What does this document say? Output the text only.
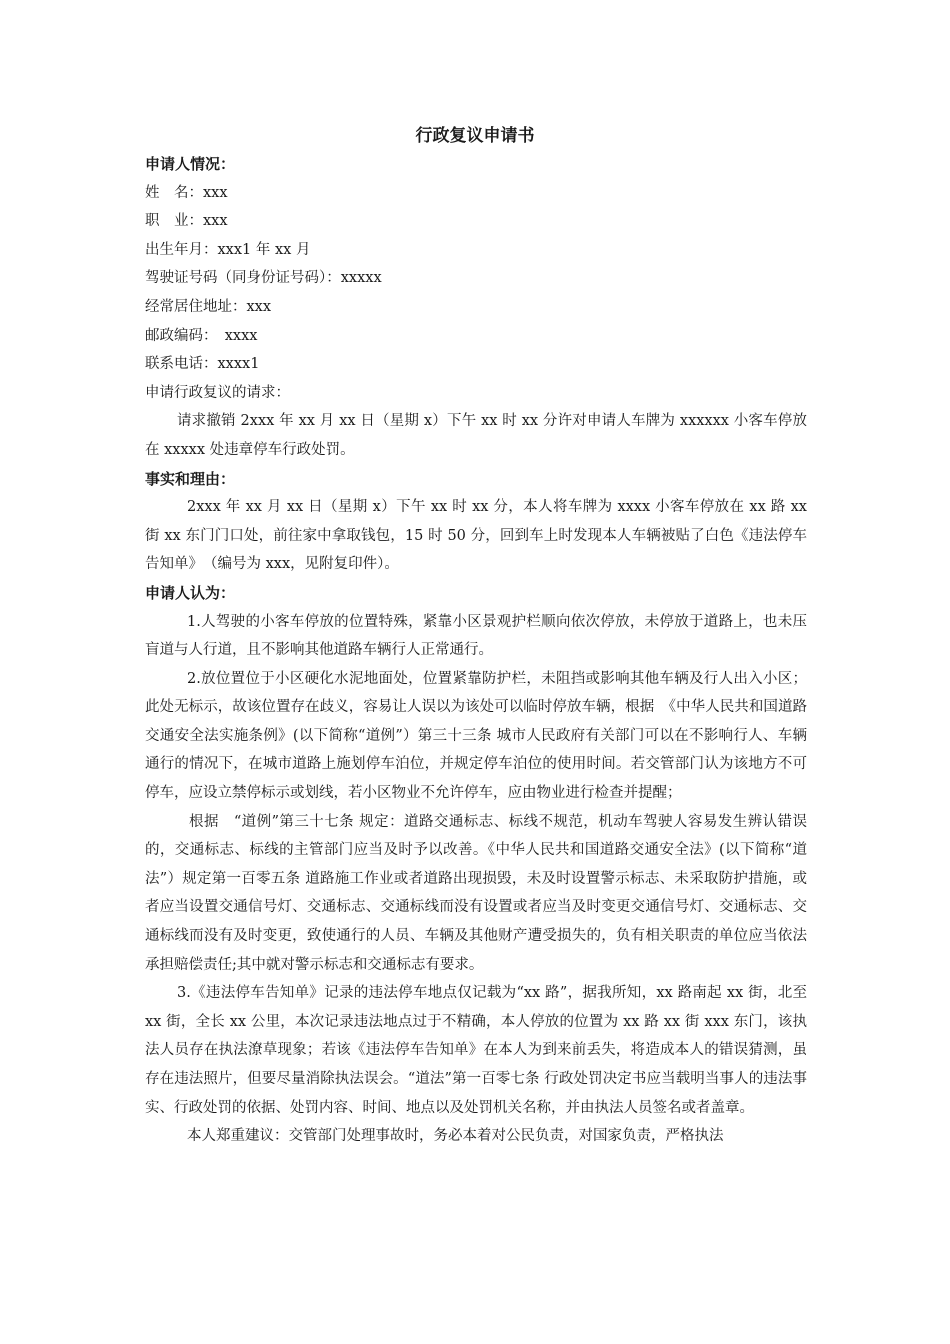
行政复议申请书

申请人情况：

姓　名：xxx

职　业：xxx

出生年月：xxx1 年 xx 月

驾驶证号码（同身份证号码）：xxxxx

经常居住地址：xxx

邮政编码：　xxxx

联系电话：xxxx1

申请行政复议的请求：

请求撤销 2xxx 年 xx 月 xx 日（星期 x）下午 xx 时 xx 分许对申请人车牌为 xxxxxx 小客车停放在 xxxxx 处违章停车行政处罚。

事实和理由：

2xxx 年 xx 月 xx 日（星期 x）下午 xx 时 xx 分，本人将车牌为 xxxx 小客车停放在 xx 路 xx 街 xx 东门门口处，前往家中拿取钱包，15 时 50 分，回到车上时发现本人车辆被贴了白色《违法停车告知单》　（编号为 xxx，见附复印件）。

申请人认为：

1.人驾驶的小客车停放的位置特殊，紧靠小区景观护栏顺向依次停放，未停放于道路上，也未压盲道与人行道，且不影响其他道路车辆行人正常通行。

2.放位置位于小区硬化水泥地面处，位置紧靠防护栏，未阻挡或影响其他车辆及行人出入小区；此处无标示，故该位置存在歧义，容易让人误以为该处可以临时停放车辆，根据　《中华人民共和国道路交通安全法实施条例》(以下简称“道例”）第三十三条 城市人民政府有关部门可以在不影响行人、车辆通行的情况下，在城市道路上施划停车泊位，并规定停车泊位的使用时间。若交管部门认为该地方不可停车，应设立禁停标示或划线，若小区物业不允许停车，应由物业进行检查并提醒；

根据　“道例”第三十七条 规定：道路交通标志、标线不规范，机动车驾驶人容易发生辨认错误的，交通标志、标线的主管部门应当及时予以改善。《中华人民共和国道路交通安全法》(以下简称“道法”）规定第一百零五条 道路施工作业或者道路出现损毁，未及时设置警示标志、未采取防护措施，或者应当设置交通信号灯、交通标志、交通标线而没有设置或者应当及时变更交通信号灯、交通标志、交通标线而没有及时变更，致使通行的人员、车辆及其他财产遭受损失的，负有相关职责的单位应当依法承担赔偿责任;其中就对警示标志和交通标志有要求。

3.《违法停车告知单》记录的违法停车地点仅记载为“xx 路”，据我所知，xx 路南起 xx 街，北至 xx 街，全长 xx 公里，本次记录违法地点过于不精确，本人停放的位置为 xx 路 xx 街 xxx 东门，该执法人员存在执法潦草现象；若该《违法停车告知单》在本人为到来前丢失，将造成本人的错误猜测，虽存在违法照片，但要尽量消除执法误会。“道法”第一百零七条 行政处罚决定书应当载明当事人的违法事实、行政处罚的依据、处罚内容、时间、地点以及处罚机关名称，并由执法人员签名或者盖章。

本人郑重建议：交管部门处理事故时，务必本着对公民负责，对国家负责，严格执法
